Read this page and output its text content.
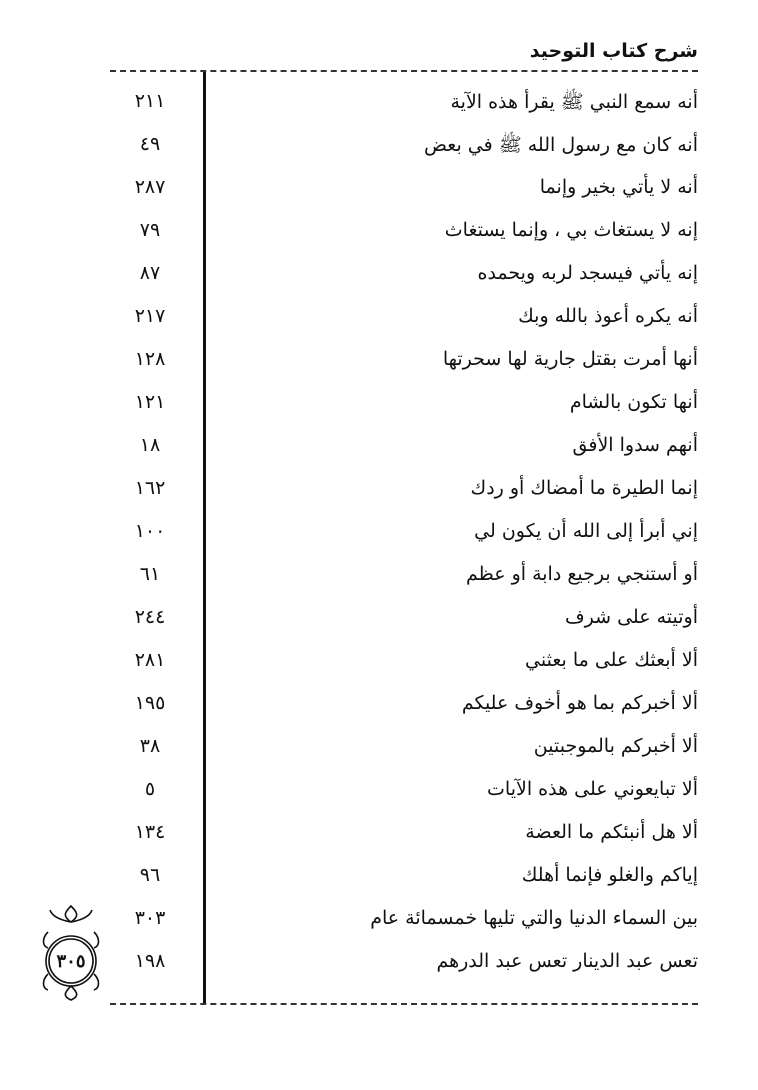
شرح كتاب التوحيد
أنه سمع النبي ﷺ يقرأ هذه الآية
٢١١
أنه كان مع رسول الله ﷺ في بعض
٤٩
أنه لا يأتي بخير وإنما
٢٨٧
إنه لا يستغاث بي ، وإنما يستغاث
٧٩
إنه يأتي فيسجد لربه ويحمده
٨٧
أنه يكره أعوذ بالله وبك
٢١٧
أنها أمرت بقتل جارية لها سحرتها
١٢٨
أنها تكون بالشام
١٢١
أنهم سدوا الأفق
١٨
إنما الطيرة ما أمضاك أو ردك
١٦٢
إني أبرأ إلى الله أن يكون لي
١٠٠
أو أستنجي برجيع دابة أو عظم
٦١
أوتيته على شرف
٢٤٤
ألا أبعثك على ما بعثني
٢٨١
ألا أخبركم بما هو أخوف عليكم
١٩٥
ألا أخبركم بالموجبتين
٣٨
ألا تبايعوني على هذه الآيات
٥
ألا هل أنبئكم ما العضة
١٣٤
إياكم والغلو فإنما أهلك
٩٦
بين السماء الدنيا والتي تليها خمسمائة عام
٣٠٣
تعس عبد الدينار تعس عبد الدرهم
١٩٨
٣٠٥
